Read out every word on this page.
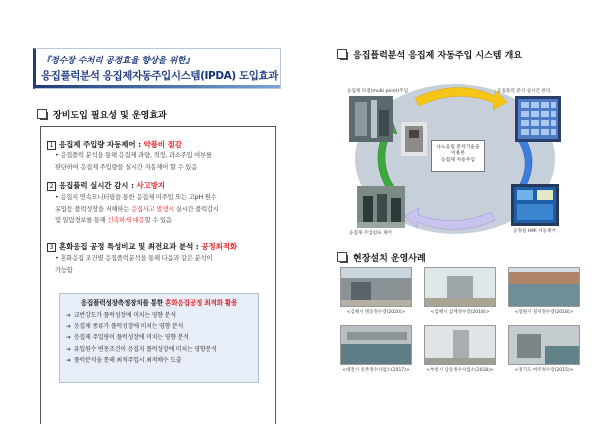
『정수장 수처리 공정효율 향상을 위한』
응집플럭분석 응집제자동주입시스템(IPDA) 도입효과
장비도입 필요성 및 운영효과
1 응집제 주입량 자동제어 : 약품비 절감
• 응집플럭 분석을 통해 응집제 과량, 적정, 과소주입 여부를
판단하여 응집제 주입량을 실시간 자동제어 할 수 있음
2 응집플럭 실시간 감시 : 사고방지
• 응집지 연속모니터링을 통한 응집제 미주입 또는 고pH 원수
유입등 플럭성장을 저해하는 응집사고 발생시 실시간 플럭감시
및 알람경보를 통해 신속하게 대응할 수 있음
3 혼화응집 공정 특성비교 및 최전요과 분석 : 공정최적화
• 혼화응집 조건별 응집플럭분석을 통해 다음과 같은 분석이
가능함
응집플럭성장측정장치를 통한 혼화응집공정 최적화 활용
➔ 교반강도가 플럭성장에 미치는 영향 분석
➔ 응집제 종류가 플럭성장에 미치는 영향 분석
➔ 응집제 주입량이 플럭성장에 미치는 영향 분석
➔ 유입원수 변동조건이 응집지 플럭성장에 미치는 영향분석
➔ 플럭분석을 통해 최적주입시 최적배수 도출
응집플럭분석 응집제 자동주입 시스템 개요
응집제 다점(multi point)주입	응집플럭 분석 실시간 관리
응집제 주입펌프 제어	공정실 HMI 자동제어
나노응집 분석기술을
이용한
응집제 자동주입
현장설치 운영사례
<김해시 명동정수장(2020)>	<김해시 삼계정수장(2018)>	<창원시 칠서정수장(2018)>
<대전시 송촌정수사업소(2017)>	<부천시 남동정수사업소(2018)>	<경기도 여주정수장(2015)>
